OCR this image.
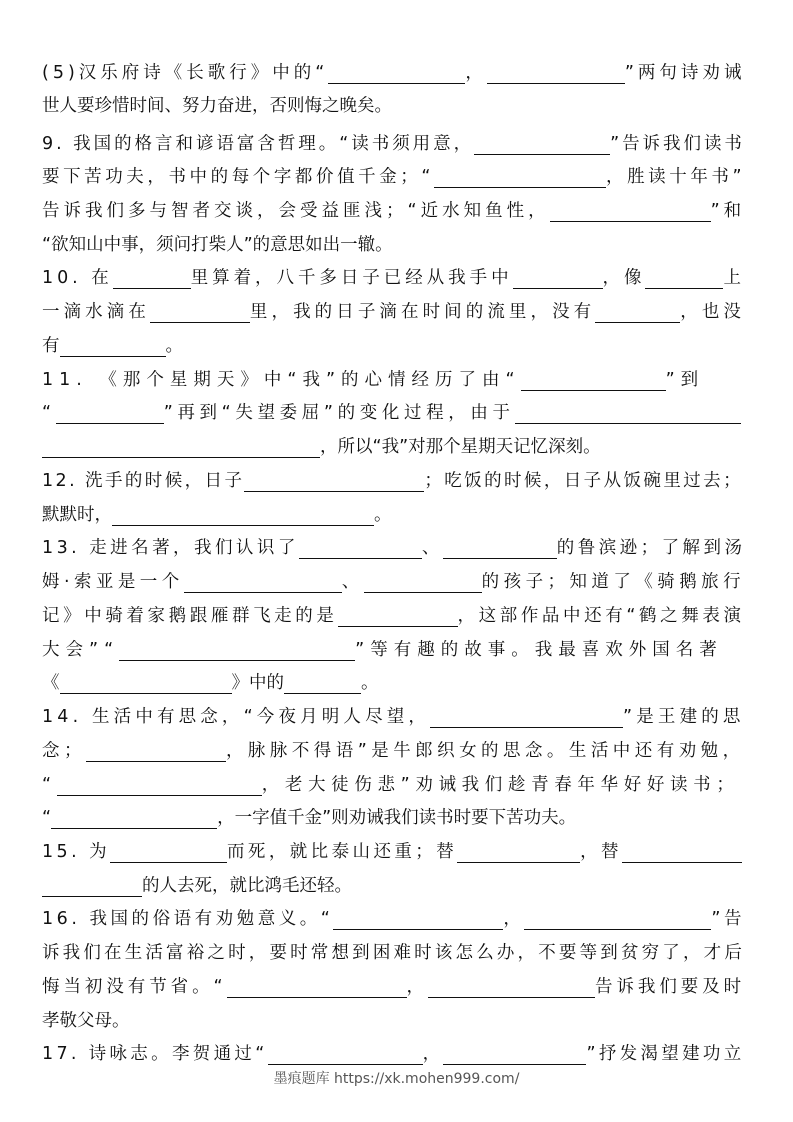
(5)汉乐府诗《长歌行》中的“	，	”两句诗劝诫
世人要珍惜时间、努力奋进，否则悔之晚矣。
9. 我国的格言和谚语富含哲理。“读书须用意，	”告诉我们读书
要下苦功夫，书中的每个字都价值千金；“	，胜读十年书”
告诉我们多与智者交谈，会受益匪浅；“近水知鱼性，	”和
“欲知山中事，须问打柴人”的意思如出一辙。
10. 在	里算着，八千多日子已经从我手中	，像	上
一滴水滴在	里，我的日子滴在时间的流里，没有	，也没
有	。
11. 《那个星期天》中“我”的心情经历了由“	”到
“	”再到“失望委屈”的变化过程，由于
，所以“我”对那个星期天记忆深刻。
12. 洗手的时候，日子	；吃饭的时候，日子从饭碗里过去；
默默时，	。
13. 走进名著，我们认识了	、	的鲁滨逊；了解到汤
姆·索亚是一个	、	的孩子；知道了《骑鹅旅行
记》中骑着家鹅跟雁群飞走的是	，这部作品中还有“鹤之舞表演
大会”“	”等有趣的故事。我最喜欢外国名著
《	》中的	。
14. 生活中有思念，“今夜月明人尽望，	”是王建的思
念；	，脉脉不得语”是牛郎织女的思念。生活中还有劝勉，
“	，老大徒伤悲”劝诫我们趁青春年华好好读书；
“	，一字值千金”则劝诫我们读书时要下苦功夫。
15. 为	而死，就比泰山还重；替	，替
的人去死，就比鸿毛还轻。
16. 我国的俗语有劝勉意义。“	，	”告
诉我们在生活富裕之时，要时常想到困难时该怎么办，不要等到贫穷了，才后
悔当初没有节省。“	，	告诉我们要及时
孝敬父母。
17. 诗咏志。李贺通过“	，	”抒发渴望建功立
墨痕题库 https://xk.mohen999.com/
